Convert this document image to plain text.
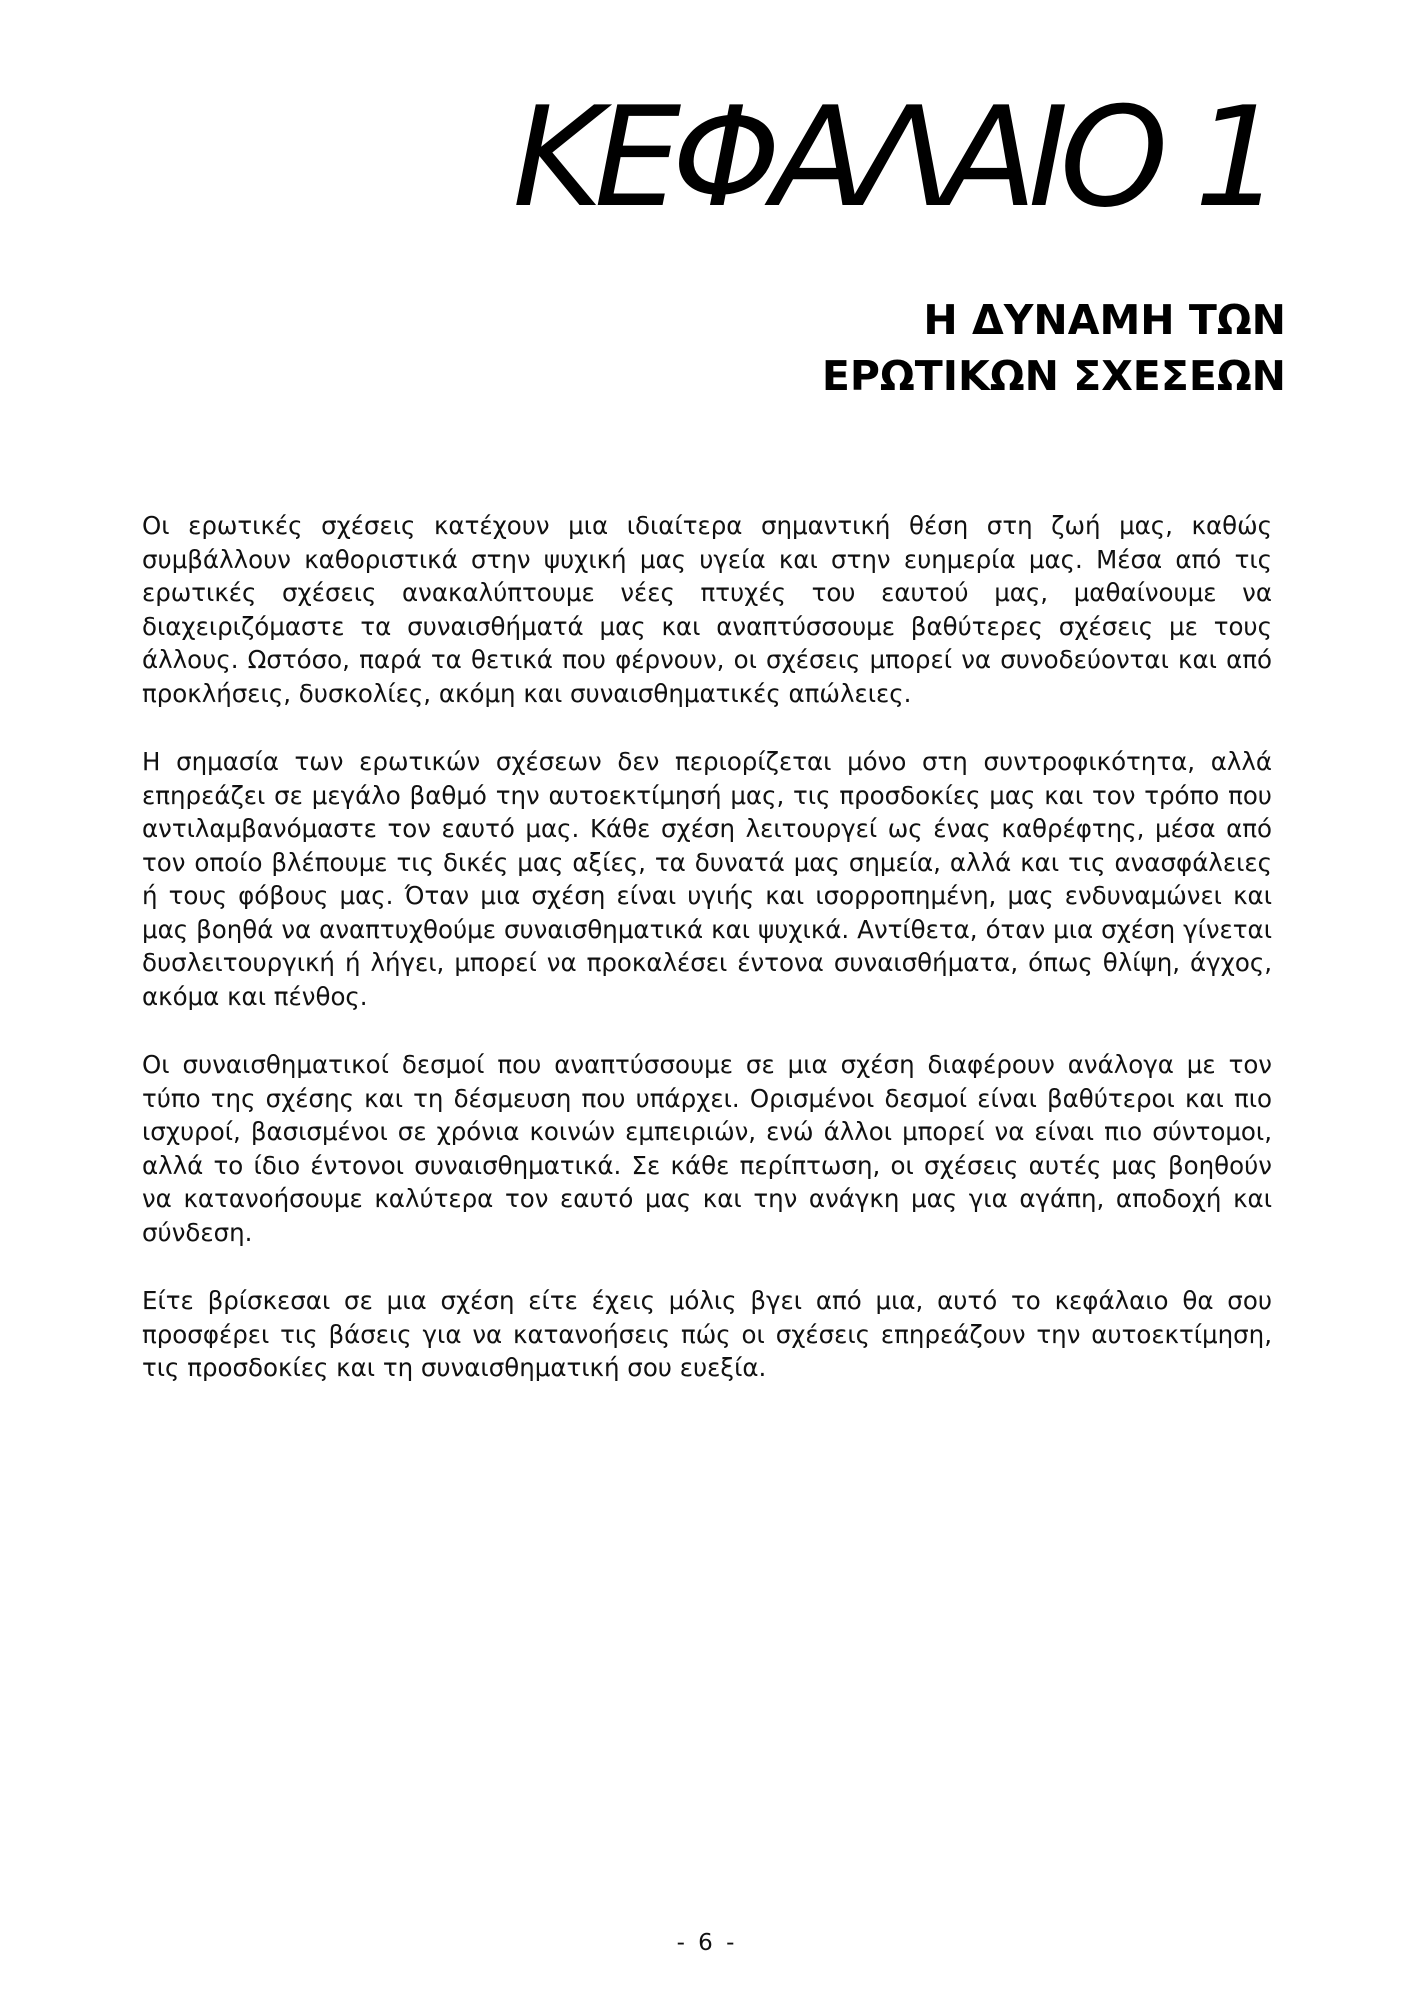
ΚΕΦΑΛΑΙΟ 1
Η ΔΥΝΑΜΗ ΤΩΝ
ΕΡΩΤΙΚΩΝ ΣΧΕΣΕΩΝ

Οι ερωτικές σχέσεις κατέχουν μια ιδιαίτερα σημαντική θέση στη ζωή μας, καθώς συμβάλλουν καθοριστικά στην ψυχική μας υγεία και στην ευημερία μας. Μέσα από τις ερωτικές σχέσεις ανακαλύπτουμε νέες πτυχές του εαυτού μας, μαθαίνουμε να διαχειριζόμαστε τα συναισθήματά μας και αναπτύσσουμε βαθύτερες σχέσεις με τους άλλους. Ωστόσο, παρά τα θετικά που φέρνουν, οι σχέσεις μπορεί να συνοδεύονται και από προκλήσεις, δυσκολίες, ακόμη και συναισθηματικές απώλειες.

Η σημασία των ερωτικών σχέσεων δεν περιορίζεται μόνο στη συντροφικότητα, αλλά επηρεάζει σε μεγάλο βαθμό την αυτοεκτίμησή μας, τις προσδοκίες μας και τον τρόπο που αντιλαμβανόμαστε τον εαυτό μας. Κάθε σχέση λειτουργεί ως ένας καθρέφτης, μέσα από τον οποίο βλέπουμε τις δικές μας αξίες, τα δυνατά μας σημεία, αλλά και τις ανασφάλειες ή τους φόβους μας. Όταν μια σχέση είναι υγιής και ισορροπημένη, μας ενδυναμώνει και μας βοηθά να αναπτυχθούμε συναισθηματικά και ψυχικά. Αντίθετα, όταν μια σχέση γίνεται δυσλειτουργική ή λήγει, μπορεί να προκαλέσει έντονα συναισθήματα, όπως θλίψη, άγχος, ακόμα και πένθος.

Οι συναισθηματικοί δεσμοί που αναπτύσσουμε σε μια σχέση διαφέρουν ανάλογα με τον τύπο της σχέσης και τη δέσμευση που υπάρχει. Ορισμένοι δεσμοί είναι βαθύτεροι και πιο ισχυροί, βασισμένοι σε χρόνια κοινών εμπειριών, ενώ άλλοι μπορεί να είναι πιο σύντομοι, αλλά το ίδιο έντονοι συναισθηματικά. Σε κάθε περίπτωση, οι σχέσεις αυτές μας βοηθούν να κατανοήσουμε καλύτερα τον εαυτό μας και την ανάγκη μας για αγάπη, αποδοχή και σύνδεση.

Είτε βρίσκεσαι σε μια σχέση είτε έχεις μόλις βγει από μια, αυτό το κεφάλαιο θα σου προσφέρει τις βάσεις για να κατανοήσεις πώς οι σχέσεις επηρεάζουν την αυτοεκτίμηση, τις προσδοκίες και τη συναισθηματική σου ευεξία.

- 6 -
